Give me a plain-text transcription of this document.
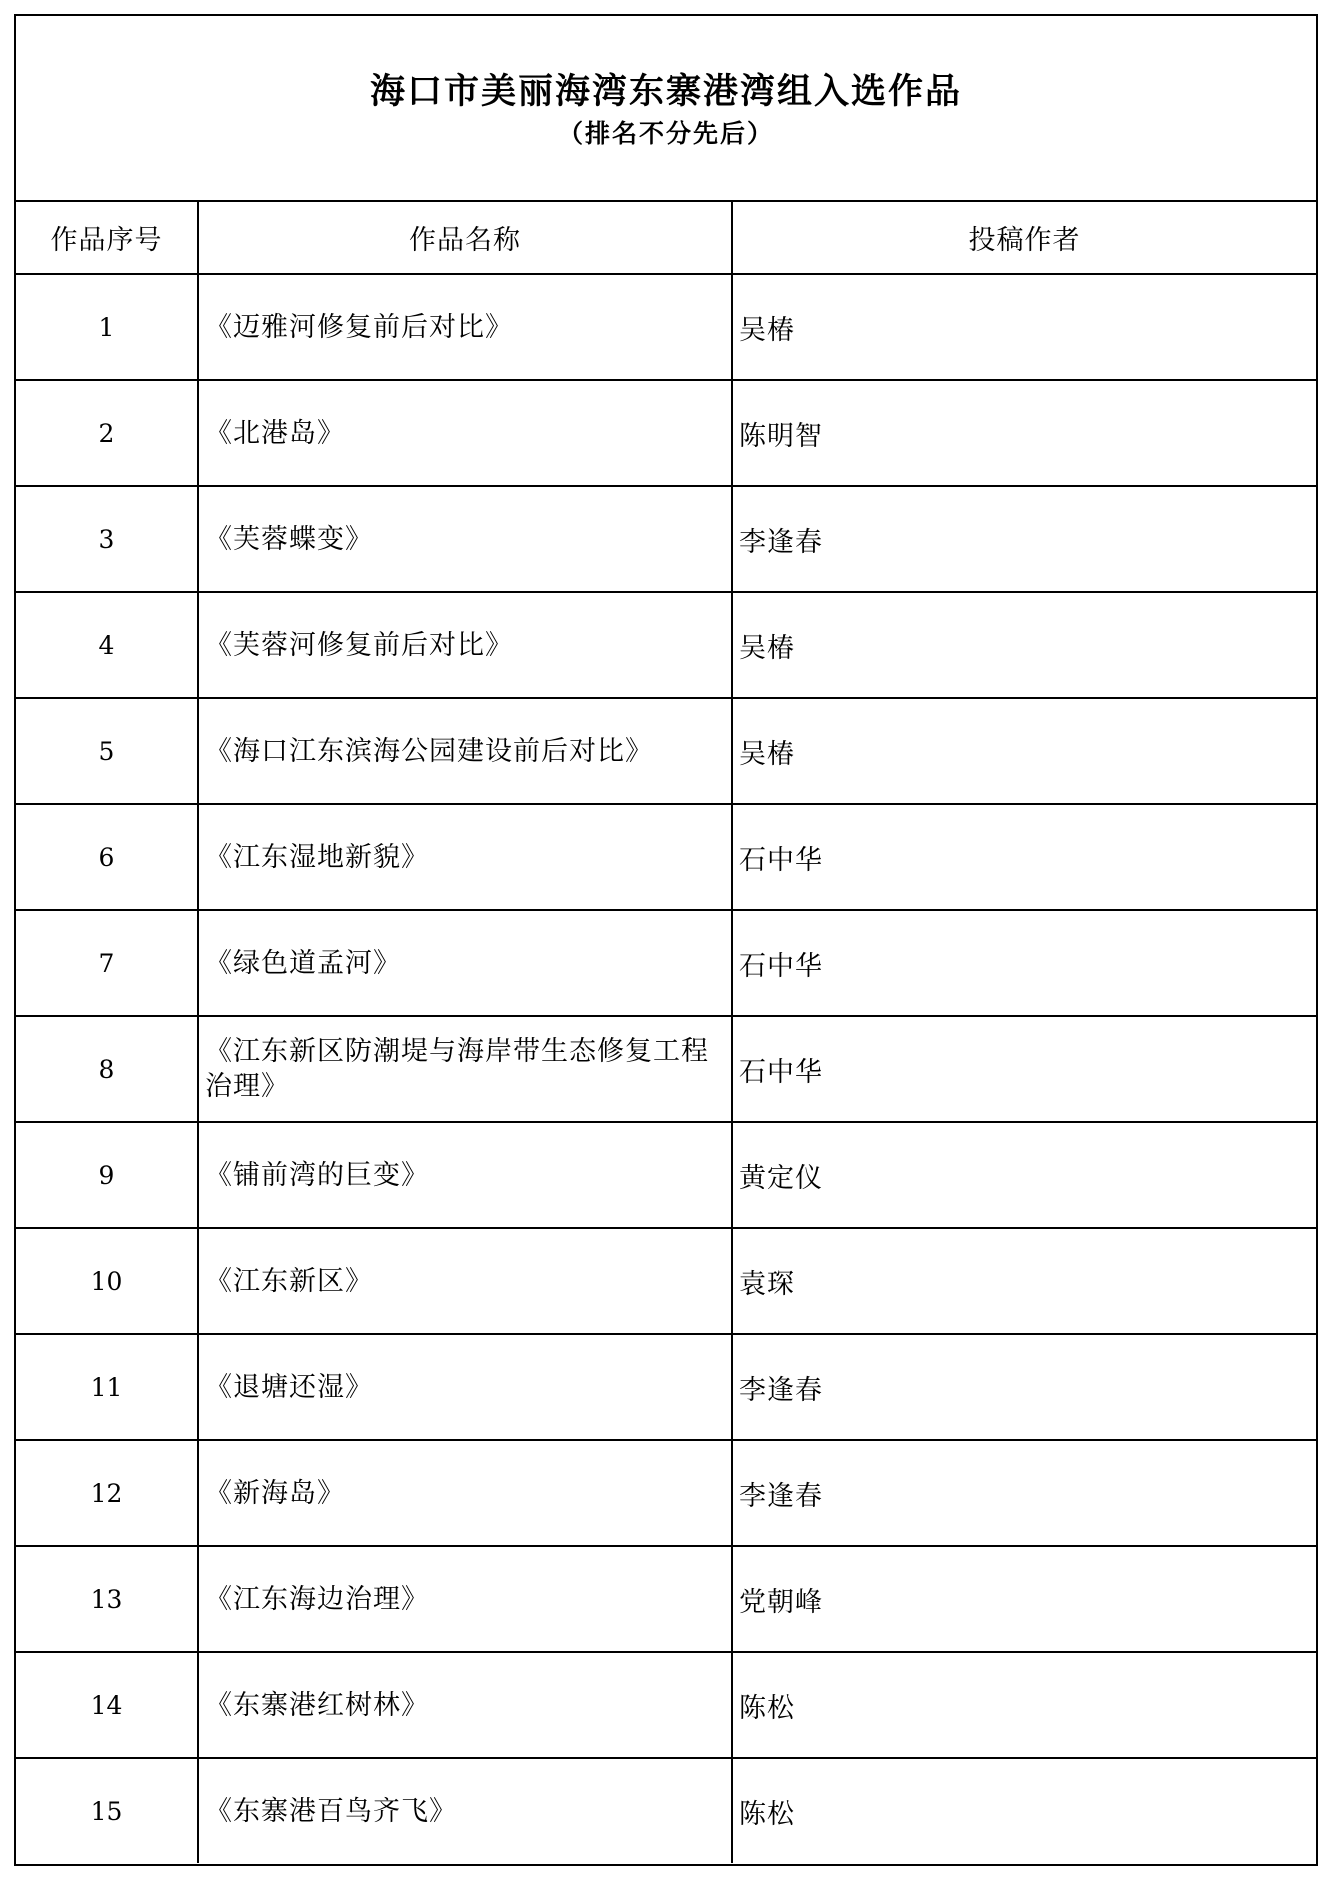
海口市美丽海湾东寨港湾组入选作品
（排名不分先后）
作品序号	作品名称	投稿作者
1	《迈雅河修复前后对比》	吴椿
2	《北港岛》	陈明智
3	《芙蓉蝶变》	李逢春
4	《芙蓉河修复前后对比》	吴椿
5	《海口江东滨海公园建设前后对比》	吴椿
6	《江东湿地新貌》	石中华
7	《绿色道孟河》	石中华
8	《江东新区防潮堤与海岸带生态修复工程治理》	石中华
9	《铺前湾的巨变》	黄定仪
10	《江东新区》	袁琛
11	《退塘还湿》	李逢春
12	《新海岛》	李逢春
13	《江东海边治理》	党朝峰
14	《东寨港红树林》	陈松
15	《东寨港百鸟齐飞》	陈松
